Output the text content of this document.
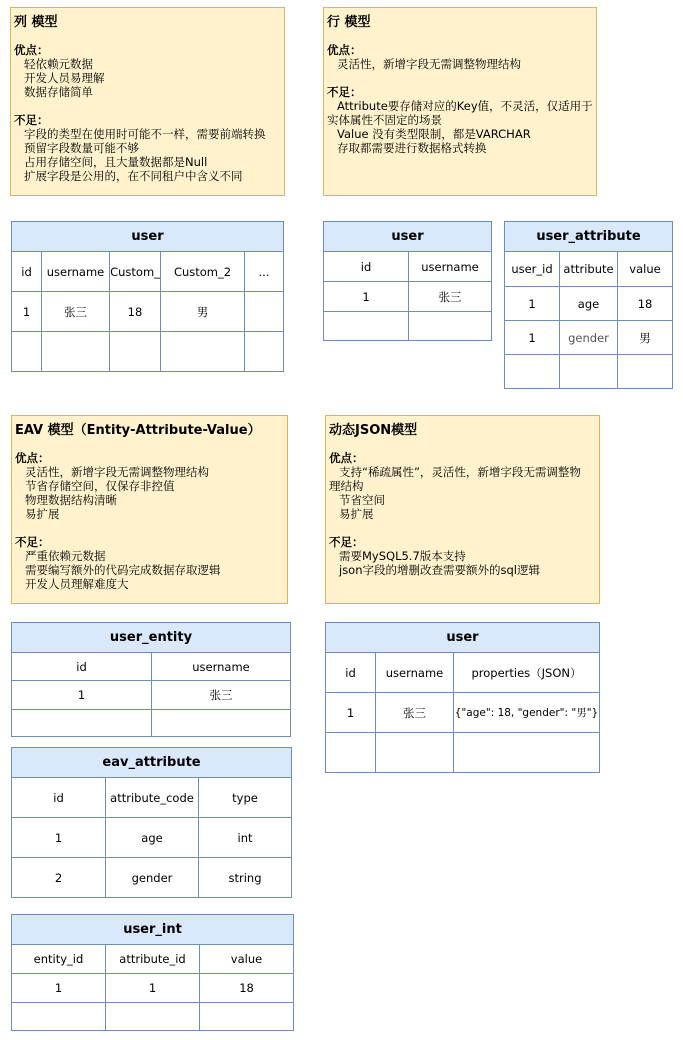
列 模型
优点：
轻依赖元数据
开发人员易理解
数据存储简单
不足：
字段的类型在使用时可能不一样，需要前端转换
预留字段数量可能不够
占用存储空间，且大量数据都是Null
扩展字段是公用的，在不同租户中含义不同
行 模型
优点：
灵活性，新增字段无需调整物理结构
不足：
Attribute要存储对应的Key值，不灵活，仅适用于
实体属性不固定的场景
Value 没有类型限制，都是VARCHAR
存取都需要进行数据格式转换
user				
id	username	Custom_	Custom_2	...
1	张三	18	男	

user	
id	username
1	张三

user_attribute		
user_id	attribute	value
1	age	18
1	gender	男

EAV 模型（Entity-Attribute-Value）
优点：
灵活性，新增字段无需调整物理结构
节省存储空间，仅保存非控值
物理数据结构清晰
易扩展
不足：
严重依赖元数据
需要编写额外的代码完成数据存取逻辑
开发人员理解难度大
动态JSON模型
优点：
支持“稀疏属性”，灵活性，新增字段无需调整物
理结构
节省空间
易扩展
不足：
需要MySQL5.7版本支持
json字段的增删改查需要额外的sql逻辑
user_entity	
id	username
1	张三

eav_attribute		
id	attribute_code	type
1	age	int
2	gender	string
user_int		
entity_id	attribute_id	value
1	1	18

user		
id	username	properties（JSON）
1	张三	{"age": 18, "gender": "男"}
